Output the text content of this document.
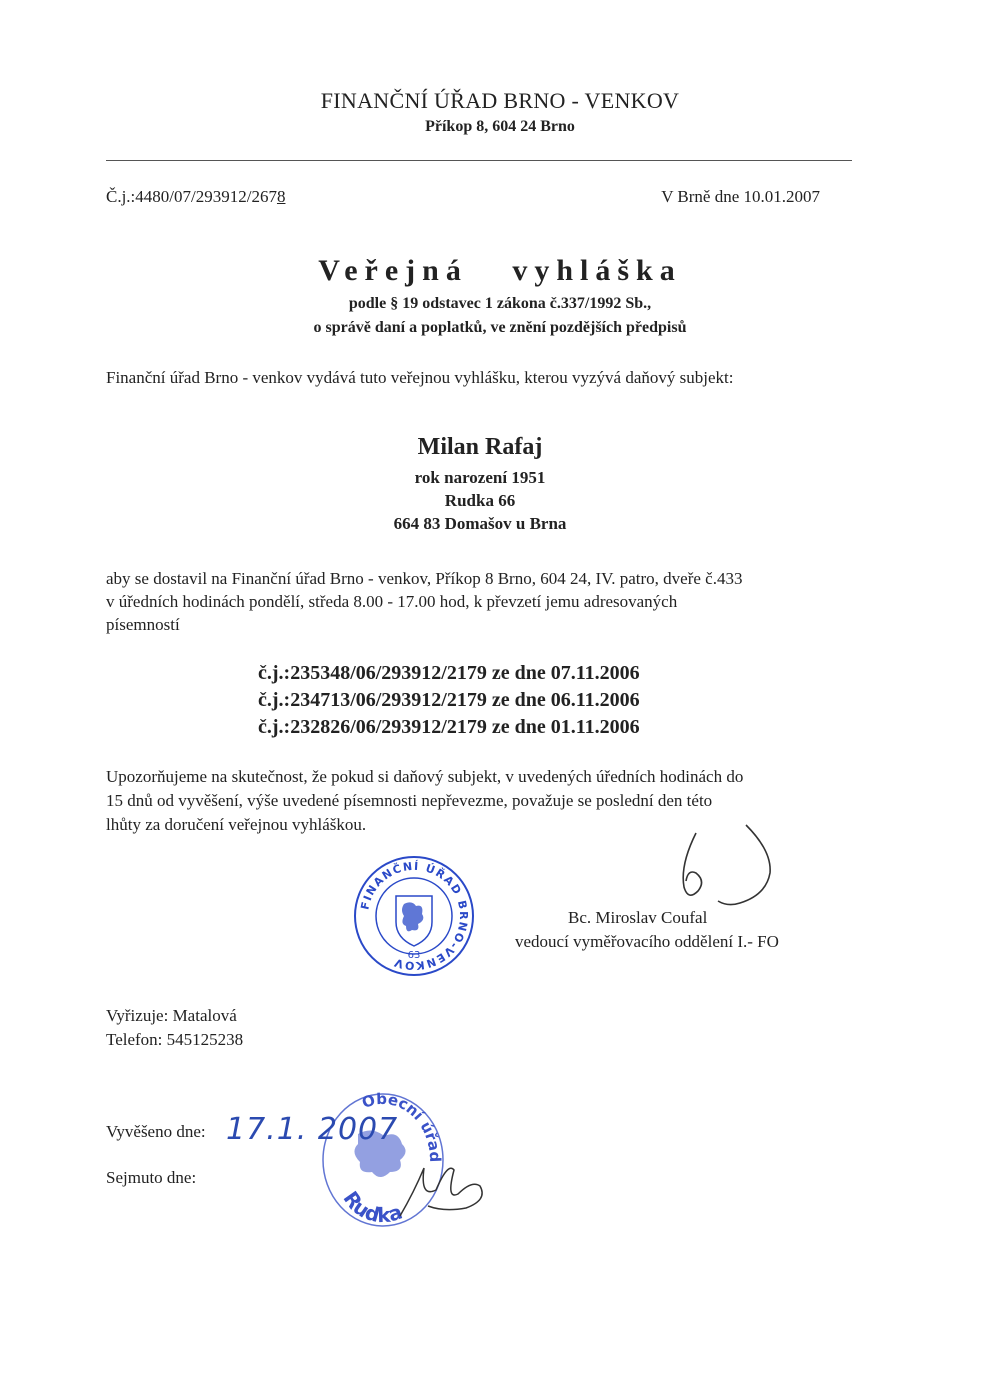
FINANČNÍ ÚŘAD BRNO - VENKOV
Příkop 8, 604 24 Brno
Č.j.:4480/07/293912/2678	V Brně dne 10.01.2007
Veřejná vyhláška
podle § 19 odstavec 1 zákona č.337/1992 Sb.,
o správě daní a poplatků, ve znění pozdějších předpisů
Finanční úřad Brno - venkov vydává tuto veřejnou vyhlášku, kterou vyzývá daňový subjekt:
Milan Rafaj
rok narození 1951
Rudka 66
664 83 Domašov u Brna
aby se dostavil na Finanční úřad Brno - venkov, Příkop 8 Brno, 604 24, IV. patro, dveře č.433
v úředních hodinách pondělí, středa 8.00 - 17.00 hod, k převzetí jemu adresovaných
písemností
č.j.:235348/06/293912/2179 ze dne 07.11.2006
č.j.:234713/06/293912/2179 ze dne 06.11.2006
č.j.:232826/06/293912/2179 ze dne 01.11.2006
Upozorňujeme na skutečnost, že pokud si daňový subjekt, v uvedených úředních hodinách do
15 dnů od vyvěšení, výše uvedené písemnosti nepřevezme, považuje se poslední den této
lhůty za doručení veřejnou vyhláškou.
FINANČNÍ ÚŘAD BRNO-VENKOV 63
Bc. Miroslav Coufal
vedoucí vyměřovacího oddělení I.- FO
Vyřizuje: Matalová
Telefon: 545125238
Vyvěšeno dne:
Sejmuto dne:
Obecní úřad
Rudka
17.1. 2007
